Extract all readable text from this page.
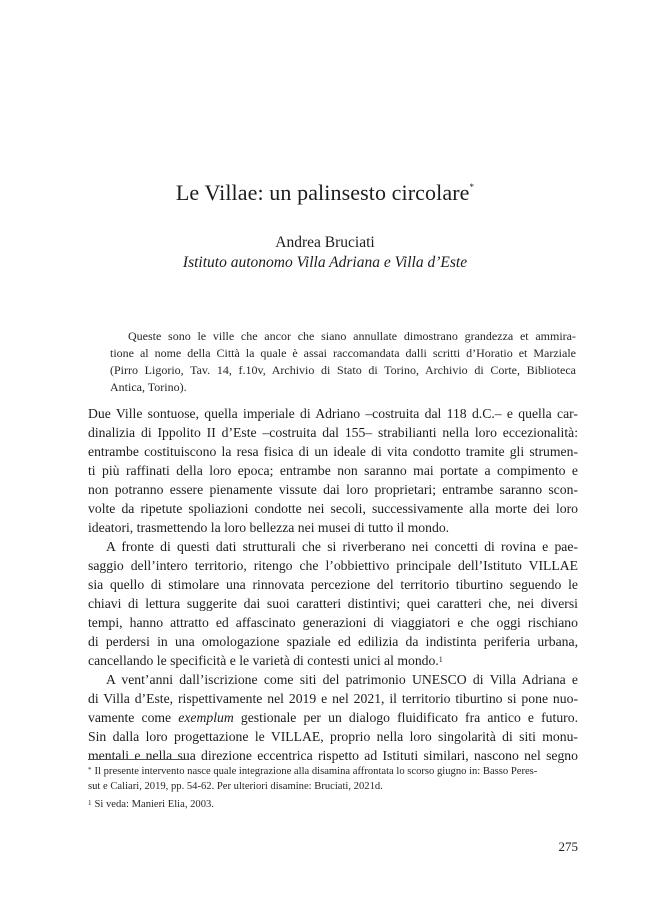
Le Villae: un palinsesto circolare*
Andrea Bruciati
Istituto autonomo Villa Adriana e Villa d’Este
Queste sono le ville che ancor che siano annullate dimostrano grandezza et ammira-
tione al nome della Città la quale è assai raccomandata dalli scritti d’Horatio et Marziale
(Pirro Ligorio, Tav. 14, f.10v, Archivio di Stato di Torino, Archivio di Corte, Biblioteca
Antica, Torino).
Due Ville sontuose, quella imperiale di Adriano –costruita dal 118 d.C.– e quella car-
dinalizia di Ippolito II d’Este –costruita dal 155– strabilianti nella loro eccezionalità:
entrambe costituiscono la resa fisica di un ideale di vita condotto tramite gli strumen-
ti più raffinati della loro epoca; entrambe non saranno mai portate a compimento e
non potranno essere pienamente vissute dai loro proprietari; entrambe saranno scon-
volte da ripetute spoliazioni condotte nei secoli, successivamente alla morte dei loro
ideatori, trasmettendo la loro bellezza nei musei di tutto il mondo.
A fronte di questi dati strutturali che si riverberano nei concetti di rovina e pae-
saggio dell’intero territorio, ritengo che l’obbiettivo principale dell’Istituto VILLAE
sia quello di stimolare una rinnovata percezione del territorio tiburtino seguendo le
chiavi di lettura suggerite dai suoi caratteri distintivi; quei caratteri che, nei diversi
tempi, hanno attratto ed affascinato generazioni di viaggiatori e che oggi rischiano
di perdersi in una omologazione spaziale ed edilizia da indistinta periferia urbana,
cancellando le specificità e le varietà di contesti unici al mondo.$^1$
A vent’anni dall’iscrizione come siti del patrimonio UNESCO di Villa Adriana e
di Villa d’Este, rispettivamente nel 2019 e nel 2021, il territorio tiburtino si pone nuo-
vamente come exemplum gestionale per un dialogo fluidificato fra antico e futuro.
Sin dalla loro progettazione le VILLAE, proprio nella loro singolarità di siti monu-
mentali e nella sua direzione eccentrica rispetto ad Istituti similari, nascono nel segno
* Il presente intervento nasce quale integrazione alla disamina affrontata lo scorso giugno in: Basso Peres-
sut e Caliari, 2019, pp. 54-62. Per ulteriori disamine: Bruciati, 2021d.
$^1$ Si veda: Manieri Elia, 2003.
275
